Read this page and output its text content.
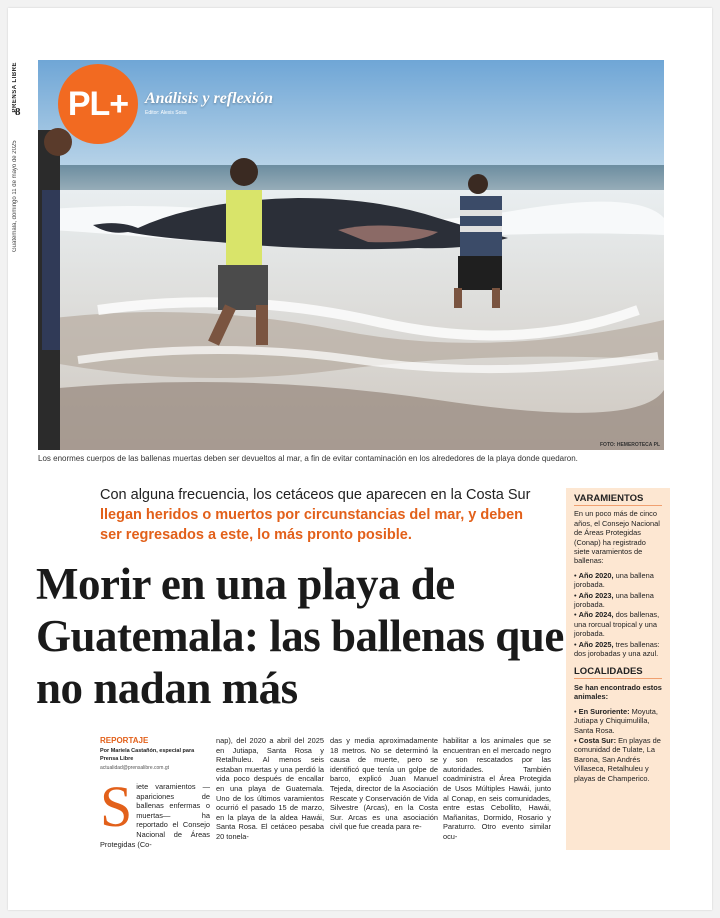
PRENSA LIBRE
8
Guatemala, domingo 11 de mayo de 2025
PL+	Análisis y reflexión
Editor: Alexis Sosa
FOTO: HEMEROTECA PL
Los enormes cuerpos de las ballenas muertas deben ser devueltos al mar, a fin de evitar contaminación en los alrededores de la playa donde quedaron.
Con alguna frecuencia, los cetáceos que aparecen en la Costa Sur llegan heridos o muertos por circunstancias del mar, y deben ser regresados a este, lo más pronto posible.
Morir en una playa de Guatemala: las ballenas que no nadan más
REPORTAJE
Por Mariela Castañón, especial para Prensa Libre
actualidad@prensalibre.com.gt
Siete varamientos —apariciones de ballenas enfermas o muertas— ha reportado el Consejo Nacional de Áreas Protegidas (Co-
nap), del 2020 a abril del 2025 en Jutiapa, Santa Rosa y Retalhuleu. Al menos seis estaban muertas y una perdió la vida poco después de encallar en una playa de Guatemala. Uno de los últimos varamientos ocurrió el pasado 15 de marzo, en la playa de la aldea Hawái, Santa Rosa. El cetáceo pesaba 20 tonela-
das y media aproximadamente 18 metros. No se determinó la causa de muerte, pero se identificó que tenía un golpe de barco, explicó Juan Manuel Tejeda, director de la Asociación Rescate y Conservación de Vida Silvestre (Arcas), en la Costa Sur. Arcas es una asociación civil que fue creada para re-
habilitar a los animales que se encuentran en el mercado negro y son rescatados por las autoridades. También coadministra el Área Protegida de Usos Múltiples Hawái, junto al Conap, en seis comunidades, entre estas Cebollito, Hawái, Mañanitas, Dormido, Rosario y Paraturro. Otro evento similar ocu-
VARAMIENTOS
En un poco más de cinco años, el Consejo Nacional de Áreas Protegidas (Conap) ha registrado siete varamientos de ballenas:
• Año 2020, una ballena jorobada.
• Año 2023, una ballena jorobada.
• Año 2024, dos ballenas, una rorcual tropical y una jorobada.
• Año 2025, tres ballenas: dos jorobadas y una azul.
LOCALIDADES
Se han encontrado estos animales:
• En Suroriente: Moyuta, Jutiapa y Chiquimulilla, Santa Rosa.
• Costa Sur: En playas de comunidad de Tulate, La Barona, San Andrés Villaseca, Retalhuleu y playas de Champerico.
